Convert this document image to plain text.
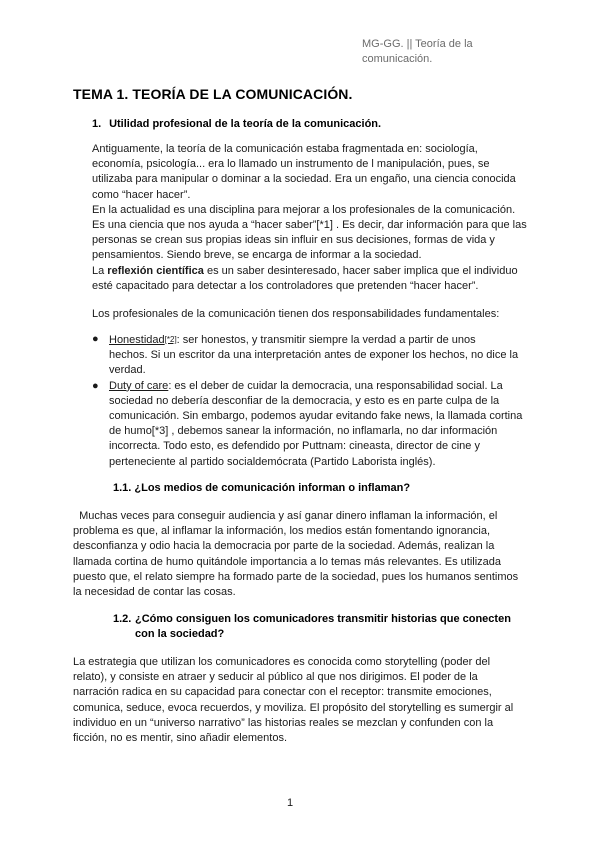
MG-GG. || Teoría de la
comunicación.
TEMA 1. TEORÍA DE LA COMUNICACIÓN.
1. Utilidad profesional de la teoría de la comunicación.
Antiguamente, la teoría de la comunicación estaba fragmentada en: sociología,
economía, psicología... era lo llamado un instrumento de l manipulación, pues, se
utilizaba para manipular o dominar a la sociedad. Era un engaño, una ciencia conocida
como “hacer hacer”.
En la actualidad es una disciplina para mejorar a los profesionales de la comunicación.
Es una ciencia que nos ayuda a “hacer saber”[*1] . Es decir, dar información para que las
personas se crean sus propias ideas sin influir en sus decisiones, formas de vida y
pensamientos. Siendo breve, se encarga de informar a la sociedad.
La reflexión científica es un saber desinteresado, hacer saber implica que el individuo
esté capacitado para detectar a los controladores que pretenden “hacer hacer”.
Los profesionales de la comunicación tienen dos responsabilidades fundamentales:
● Honestidad[*2]: ser honestos, y transmitir siempre la verdad a partir de unos
hechos. Si un escritor da una interpretación antes de exponer los hechos, no dice la
verdad.
● Duty of care: es el deber de cuidar la democracia, una responsabilidad social. La
sociedad no debería desconfiar de la democracia, y esto es en parte culpa de la
comunicación. Sin embargo, podemos ayudar evitando fake news, la llamada cortina
de humo[*3] , debemos sanear la información, no inflamarla, no dar información
incorrecta. Todo esto, es defendido por Puttnam: cineasta, director de cine y
perteneciente al partido socialdemócrata (Partido Laborista inglés).
1.1. ¿Los medios de comunicación informan o inflaman?
Muchas veces para conseguir audiencia y así ganar dinero inflaman la información, el
problema es que, al inflamar la información, los medios están fomentando ignorancia,
desconfianza y odio hacia la democracia por parte de la sociedad. Además, realizan la
llamada cortina de humo quitándole importancia a lo temas más relevantes. Es utilizada
puesto que, el relato siempre ha formado parte de la sociedad, pues los humanos sentimos
la necesidad de contar las cosas.
1.2. ¿Cómo consiguen los comunicadores transmitir historias que conecten
con la sociedad?
La estrategia que utilizan los comunicadores es conocida como storytelling (poder del
relato), y consiste en atraer y seducir al público al que nos dirigimos. El poder de la
narración radica en su capacidad para conectar con el receptor: transmite emociones,
comunica, seduce, evoca recuerdos, y moviliza. El propósito del storytelling es sumergir al
individuo en un “universo narrativo” las historias reales se mezclan y confunden con la
ficción, no es mentir, sino añadir elementos.
1
